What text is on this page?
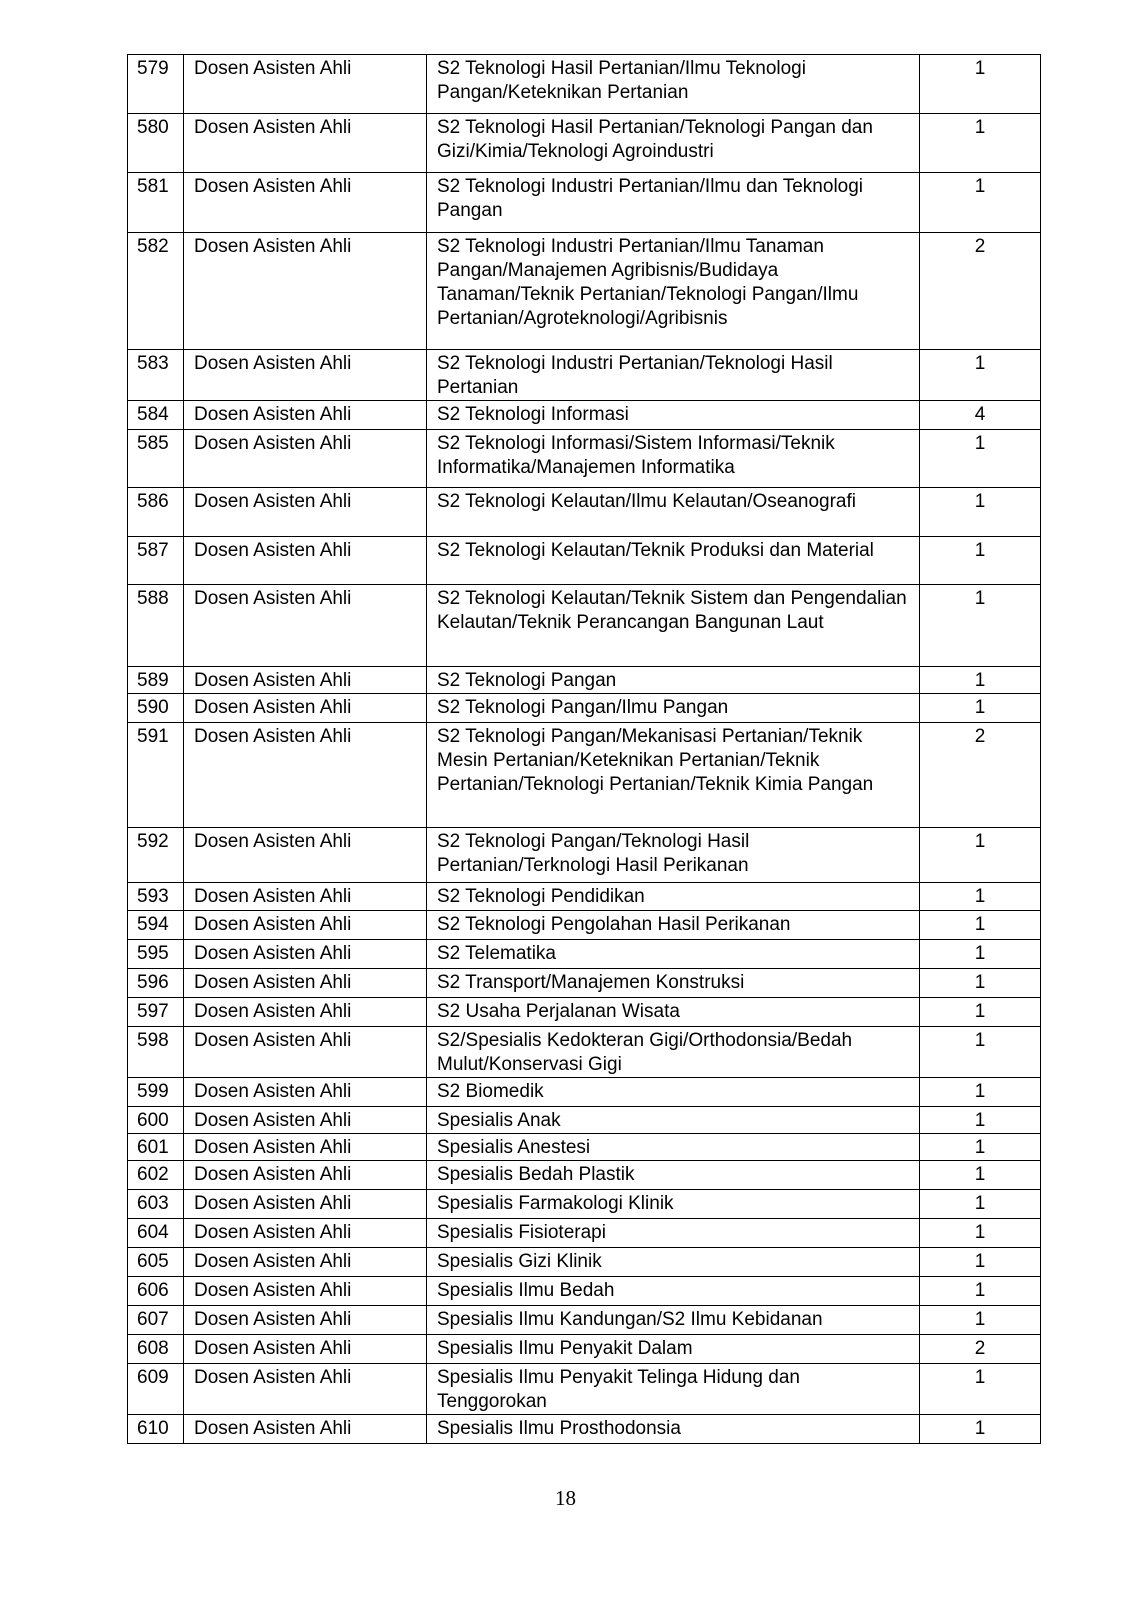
579	Dosen Asisten Ahli	S2 Teknologi Hasil Pertanian/Ilmu Teknologi Pangan/Keteknikan Pertanian	1
580	Dosen Asisten Ahli	S2 Teknologi Hasil Pertanian/Teknologi Pangan dan Gizi/Kimia/Teknologi Agroindustri	1
581	Dosen Asisten Ahli	S2 Teknologi Industri Pertanian/Ilmu dan Teknologi Pangan	1
582	Dosen Asisten Ahli	S2 Teknologi Industri Pertanian/Ilmu Tanaman Pangan/Manajemen Agribisnis/Budidaya Tanaman/Teknik Pertanian/Teknologi Pangan/Ilmu Pertanian/Agroteknologi/Agribisnis	2
583	Dosen Asisten Ahli	S2 Teknologi Industri Pertanian/Teknologi Hasil Pertanian	1
584	Dosen Asisten Ahli	S2 Teknologi Informasi	4
585	Dosen Asisten Ahli	S2 Teknologi Informasi/Sistem Informasi/Teknik Informatika/Manajemen Informatika	1
586	Dosen Asisten Ahli	S2 Teknologi Kelautan/Ilmu Kelautan/Oseanografi	1
587	Dosen Asisten Ahli	S2 Teknologi Kelautan/Teknik Produksi dan Material	1
588	Dosen Asisten Ahli	S2 Teknologi Kelautan/Teknik Sistem dan Pengendalian Kelautan/Teknik Perancangan Bangunan Laut	1
589	Dosen Asisten Ahli	S2 Teknologi Pangan	1
590	Dosen Asisten Ahli	S2 Teknologi Pangan/Ilmu Pangan	1
591	Dosen Asisten Ahli	S2 Teknologi Pangan/Mekanisasi Pertanian/Teknik Mesin Pertanian/Keteknikan Pertanian/Teknik Pertanian/Teknologi Pertanian/Teknik Kimia Pangan	2
592	Dosen Asisten Ahli	S2 Teknologi Pangan/Teknologi Hasil Pertanian/Terknologi Hasil Perikanan	1
593	Dosen Asisten Ahli	S2 Teknologi Pendidikan	1
594	Dosen Asisten Ahli	S2 Teknologi Pengolahan Hasil Perikanan	1
595	Dosen Asisten Ahli	S2 Telematika	1
596	Dosen Asisten Ahli	S2 Transport/Manajemen Konstruksi	1
597	Dosen Asisten Ahli	S2 Usaha Perjalanan Wisata	1
598	Dosen Asisten Ahli	S2/Spesialis Kedokteran Gigi/Orthodonsia/Bedah Mulut/Konservasi Gigi	1
599	Dosen Asisten Ahli	S2 Biomedik	1
600	Dosen Asisten Ahli	Spesialis Anak	1
601	Dosen Asisten Ahli	Spesialis Anestesi	1
602	Dosen Asisten Ahli	Spesialis Bedah Plastik	1
603	Dosen Asisten Ahli	Spesialis Farmakologi Klinik	1
604	Dosen Asisten Ahli	Spesialis Fisioterapi	1
605	Dosen Asisten Ahli	Spesialis Gizi Klinik	1
606	Dosen Asisten Ahli	Spesialis Ilmu Bedah	1
607	Dosen Asisten Ahli	Spesialis Ilmu Kandungan/S2 Ilmu Kebidanan	1
608	Dosen Asisten Ahli	Spesialis Ilmu Penyakit Dalam	2
609	Dosen Asisten Ahli	Spesialis Ilmu Penyakit Telinga Hidung dan Tenggorokan	1
610	Dosen Asisten Ahli	Spesialis Ilmu Prosthodonsia	1
18
